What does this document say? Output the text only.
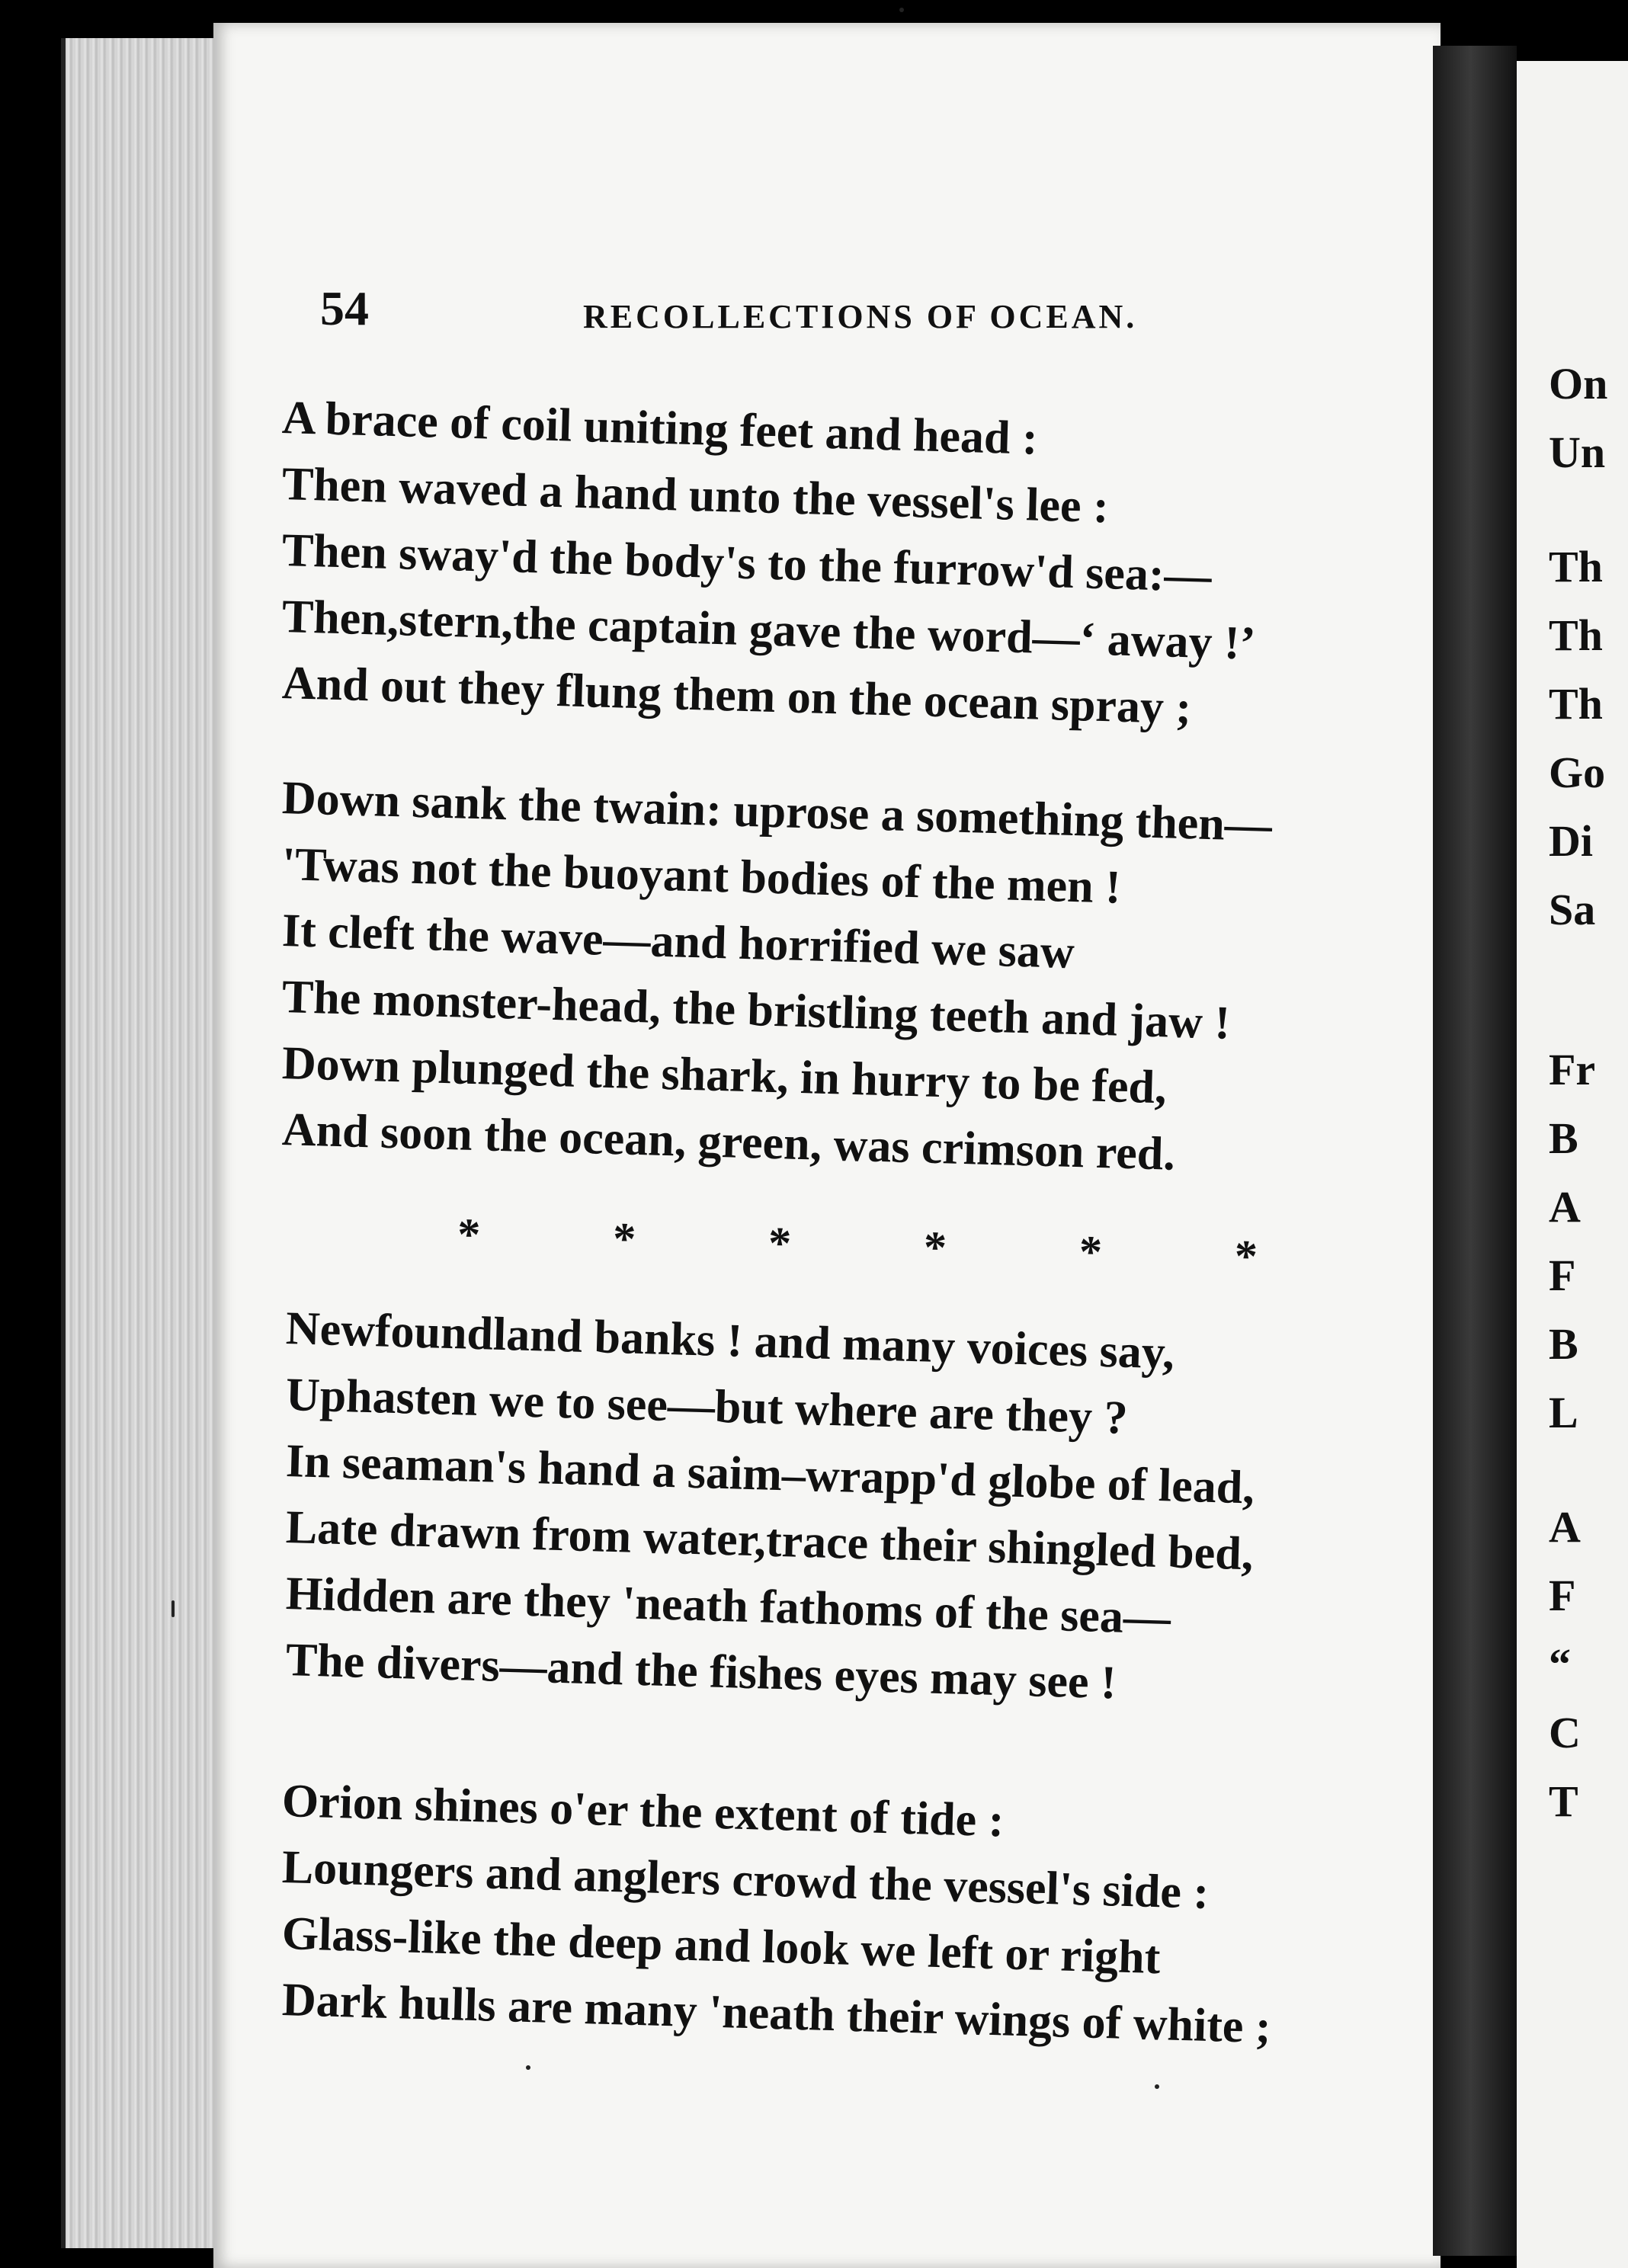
54	RECOLLECTIONS OF OCEAN.
A brace of coil uniting feet and head :
Then waved a hand unto the vessel's lee :
Then sway'd the body's to the furrow'd sea:—
Then,stern,the captain gave the word—‘ away !’
And out they flung them on the ocean spray ;
Down sank the twain: uprose a something then—
'Twas not the buoyant bodies of the men !
It cleft the wave—and horrified we saw
The monster-head, the bristling teeth and jaw !
Down plunged the shark, in hurry to be fed,
And soon the ocean, green, was crimson red.
*	*	*	*	*	*
Newfoundland banks ! and many voices say,
Uphasten we to see—but where are they ?
In seaman's hand a saim–wrapp'd globe of lead,
Late drawn from water,trace their shingled bed,
Hidden are they 'neath fathoms of the sea—
The divers—and the fishes eyes may see !
Orion shines o'er the extent of tide :
Loungers and anglers crowd the vessel's side :
Glass-like the deep and look we left or right
Dark hulls are many 'neath their wings of white ;
On
Un
Th
Th
Th
Go
Di
Sa
Fr
B
A
F
B
L
A
F
“
C
T
